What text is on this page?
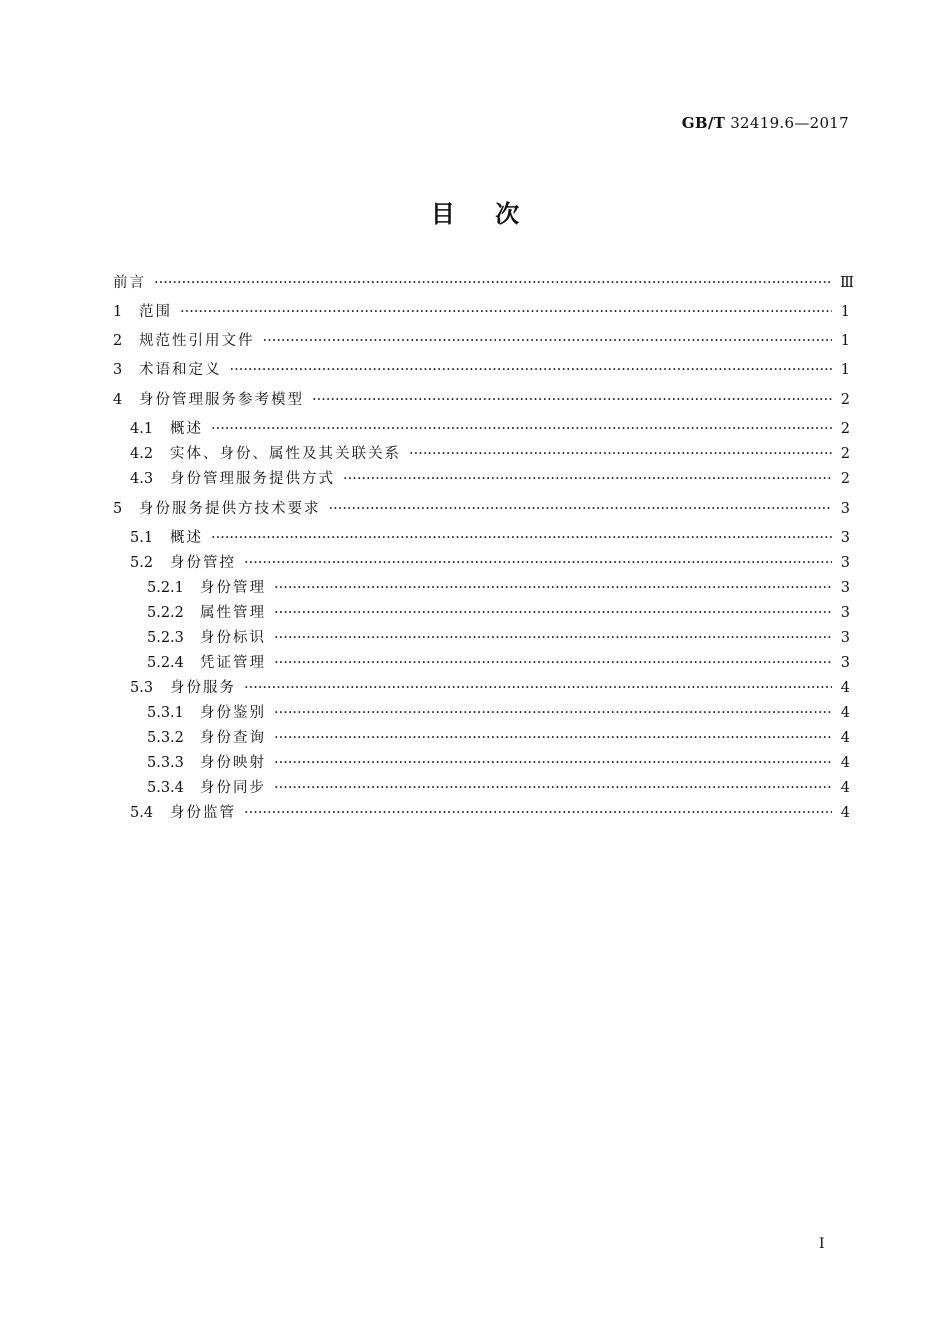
GB/T 32419.6—2017
目 次
前言 ·····	Ⅲ
1	范围 ·····	1
2	规范性引用文件 ·····	1
3	术语和定义 ·····	1
4	身份管理服务参考模型 ·····	2
4.1	概述 ·····	2
4.2	实体、身份、属性及其关联关系 ·····	2
4.3	身份管理服务提供方式 ·····	2
5	身份服务提供方技术要求 ·····	3
5.1	概述 ·····	3
5.2	身份管控 ·····	3
5.2.1	身份管理 ·····	3
5.2.2	属性管理 ·····	3
5.2.3	身份标识 ·····	3
5.2.4	凭证管理 ·····	3
5.3	身份服务 ·····	4
5.3.1	身份鉴别 ·····	4
5.3.2	身份查询 ·····	4
5.3.3	身份映射 ·····	4
5.3.4	身份同步 ·····	4
5.4	身份监管 ·····	4
I
